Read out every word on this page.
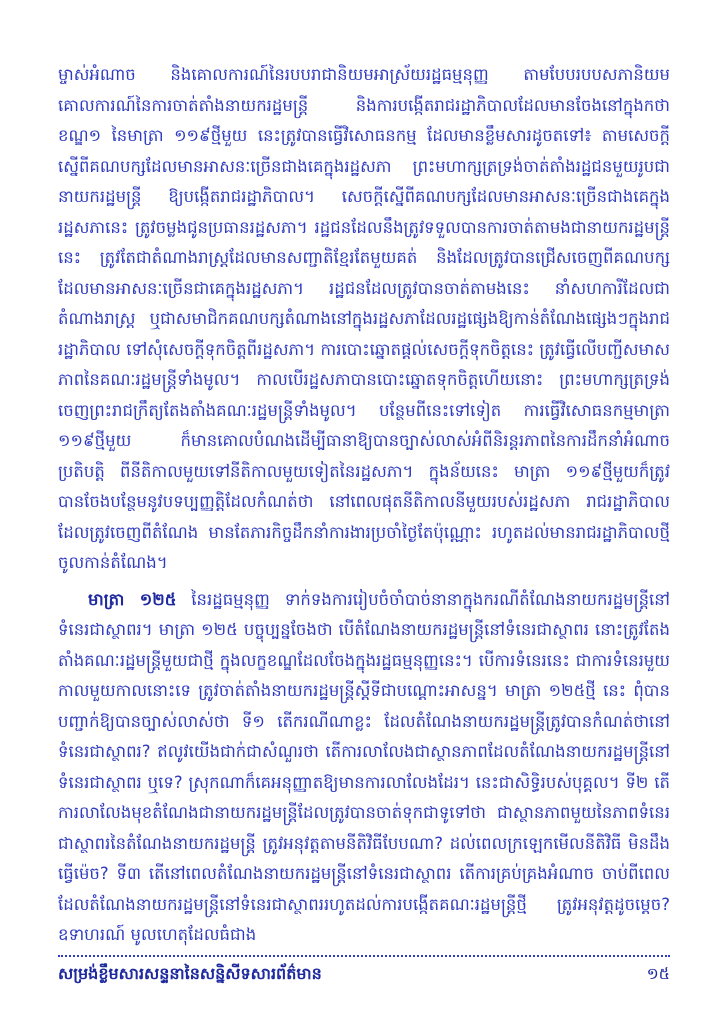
ម្ចាស់អំណាច និងគោលការណ៍នៃរបបរាជានិយមអាស្រ័យរដ្ឋធម្មនុញ្ញ តាមបែបរបបសភានិយម គោលការណ៍នៃការចាត់តាំងនាយករដ្ឋមន្ត្រី និងការបង្កើតរាជរដ្ឋាភិបាលដែលមានចែងនៅក្នុងកថាខណ្ឌ១ នៃមាត្រា ១១៩ថ្មីមួយ នេះត្រូវបានធ្វើវិសោធនកម្ម ដែលមានខ្លឹមសារដូចតទៅ៖ តាមសេចក្តីស្នើពីគណបក្សដែលមានអាសនៈច្រើនជាងគេក្នុងរដ្ឋសភា ព្រះមហាក្សត្រទ្រង់ចាត់តាំងរដ្ឋជនមួយរូបជានាយករដ្ឋមន្ត្រី ឱ្យបង្កើតរាជរដ្ឋាភិបាល។ សេចក្តីស្នើពីគណបក្សដែលមានអាសនៈច្រើនជាងគេក្នុងរដ្ឋសភានេះ ត្រូវចម្លងជូនប្រធានរដ្ឋសភា។ រដ្ឋជនដែលនឹងត្រូវទទួលបានការចាត់តាមងជានាយករដ្ឋមន្ត្រីនេះ ត្រូវតែជាតំណាងរាស្ត្រដែលមានសញ្ជាតិខ្មែរតែមួយគត់ និងដែលត្រូវបានជ្រើសចេញពីគណបក្សដែលមានអាសនៈច្រើនជាគេក្នុងរដ្ឋសភា។ រដ្ឋជនដែលត្រូវបានចាត់តាមងនេះ នាំសហការីដែលជាតំណាងរាស្ត្រ ឬជាសមាជិកគណបក្សតំណាងនៅក្នុងរដ្ឋសភាដែលរដ្ឋផ្សេងឱ្យកាន់តំណែងផ្សេងៗក្នុងរាជរដ្ឋាភិបាល ទៅសុំសេចក្តីទុកចិត្តពីរដ្ឋសភា។ ការបោះឆ្នោតផ្តល់សេចក្តីទុកចិត្តនេះ ត្រូវធ្វើលើបញ្ជីសមាសភាពនៃគណៈរដ្ឋមន្ត្រីទាំងមូល។ កាលបើរដ្ឋសភាបានបោះឆ្នោតទុកចិត្តហើយនោះ ព្រះមហាក្សត្រទ្រង់ចេញព្រះរាជក្រឹត្យតែងតាំងគណៈរដ្ឋមន្ត្រីទាំងមូល។ បន្ថែមពីនេះទៅទៀត ការធ្វើវិសោធនកម្មមាត្រា ១១៩ថ្មីមួយ ក៏មានគោលបំណងដើម្បីធានាឱ្យបានច្បាស់លាស់អំពីនិរន្តរភាពនៃការដឹកនាំអំណាចប្រតិបត្តិ ពីនីតិកាលមួយទៅនីតិកាលមួយទៀតនៃរដ្ឋសភា។ ក្នុងន័យនេះ មាត្រា ១១៩ថ្មីមួយក៏ត្រូវបានចែងបន្ថែមនូវបទប្បញ្ញត្តិដែលកំណត់ថា នៅពេលផុតនីតិកាលនីមួយរបស់រដ្ឋសភា រាជរដ្ឋាភិបាលដែលត្រូវចេញពីតំណែង មានតែភារកិច្ចដឹកនាំការងារប្រចាំថ្ងៃតែប៉ុណ្ណោះ រហូតដល់មានរាជរដ្ឋាភិបាលថ្មីចូលកាន់តំណែង។

មាត្រា ១២៥ នៃរដ្ឋធម្មនុញ្ញ ទាក់ទងការរៀបចំចាំបាច់នានាក្នុងករណីតំណែងនាយករដ្ឋមន្ត្រីនៅទំនេរជាស្ថាពរ។ មាត្រា ១២៥ បច្ចុប្បន្នចែងថា បើតំណែងនាយករដ្ឋមន្ត្រីនៅទំនេរជាស្ថាពរ នោះត្រូវតែងតាំងគណៈរដ្ឋមន្ត្រីមួយជាថ្មី ក្នុងលក្ខខណ្ឌដែលចែងក្នុងរដ្ឋធម្មនុញ្ញនេះ។ បើការទំនេរនេះ ជាការទំនេរមួយកាលមួយកាលនោះទេ ត្រូវចាត់តាំងនាយករដ្ឋមន្ត្រីស្តីទីជាបណ្តោះអាសន្ន។ មាត្រា ១២៥ថ្មី នេះ ពុំបានបញ្ជាក់ឱ្យបានច្បាស់លាស់ថា ទី១ តើករណីណាខ្លះ ដែលតំណែងនាយករដ្ឋមន្ត្រីត្រូវបានកំណត់ថានៅទំនេរជាស្ថាពរ? ឥលូវយើងជាក់ជាសំណួរថា តើការលាលែងជាស្ថានភាពដែលតំណែងនាយករដ្ឋមន្ត្រីនៅទំនេរជាស្ថាពរ ឬទេ? ស្រុកណាក៏គេអនុញ្ញាតឱ្យមានការលាលែងដែរ។ នេះជាសិទ្ធិរបស់បុគ្គល។ ទី២ តើការលាលែងមុខតំណែងជានាយករដ្ឋមន្ត្រីដែលត្រូវបានចាត់ទុកជាទូទៅថា ជាស្ថានភាពមួយនៃភាពទំនេរជាស្ថាពរនៃតំណែងនាយករដ្ឋមន្ត្រី ត្រូវអនុវត្តតាមនីតិវិធីបែបណា? ដល់ពេលក្រឡេកមើលនីតិវិធី មិនដឹងធ្វើម៉េច? ទី៣ តើនៅពេលតំណែងនាយករដ្ឋមន្ត្រីនៅទំនេរជាស្ថាពរ តើការគ្រប់គ្រងអំណាច ចាប់ពីពេលដែលតំណែងនាយករដ្ឋមន្ត្រីនៅទំនេរជាស្ថាពររហូតដល់ការបង្កើតគណៈរដ្ឋមន្ត្រីថ្មី ត្រូវអនុវត្តដូចម្តេច? ឧទាហរណ៍ មូលហេតុដែលធំជាង

សម្រង់ខ្លឹមសារសន្ទនានៃសន្និសីទសារព័ត៌មាន	១៥
